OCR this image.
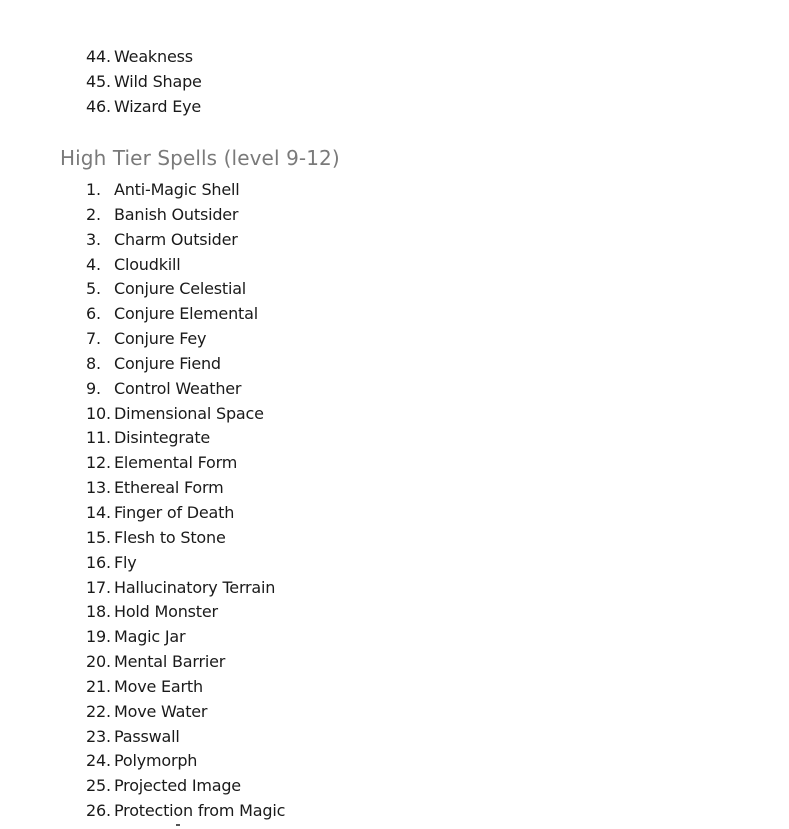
44. Weakness
45. Wild Shape
46. Wizard Eye
High Tier Spells (level 9-12)
1. Anti-Magic Shell
2. Banish Outsider
3. Charm Outsider
4. Cloudkill
5. Conjure Celestial
6. Conjure Elemental
7. Conjure Fey
8. Conjure Fiend
9. Control Weather
10. Dimensional Space
11. Disintegrate
12. Elemental Form
13. Ethereal Form
14. Finger of Death
15. Flesh to Stone
16. Fly
17. Hallucinatory Terrain
18. Hold Monster
19. Magic Jar
20. Mental Barrier
21. Move Earth
22. Move Water
23. Passwall
24. Polymorph
25. Projected Image
26. Protection from Magic
